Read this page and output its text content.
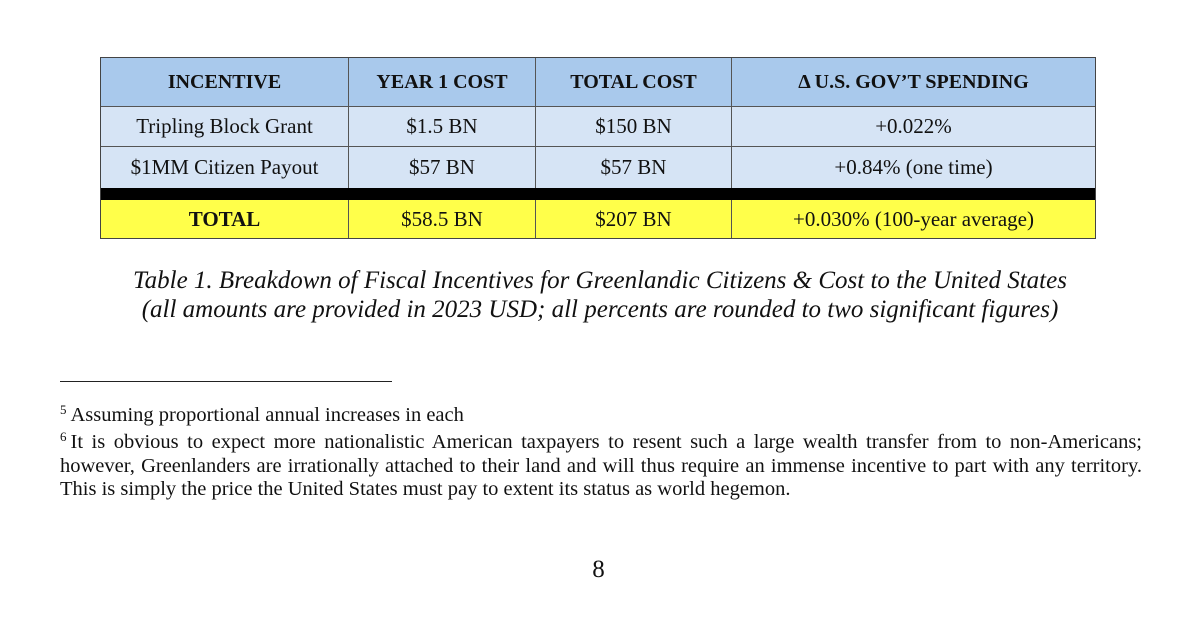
INCENTIVE	YEAR 1 COST	TOTAL COST	Δ U.S. GOV’T SPENDING
Tripling Block Grant	$1.5 BN	$150 BN	+0.022%
$1MM Citizen Payout	$57 BN	$57 BN	+0.84% (one time)
TOTAL	$58.5 BN	$207 BN	+0.030% (100-year average)
Table 1. Breakdown of Fiscal Incentives for Greenlandic Citizens & Cost to the United States
(all amounts are provided in 2023 USD; all percents are rounded to two significant figures)
$^5$ Assuming proportional annual increases in each
$^6$ It is obvious to expect more nationalistic American taxpayers to resent such a large wealth transfer from to non-Americans; however, Greenlanders are irrationally attached to their land and will thus require an immense incentive to part with any territory. This is simply the price the United States must pay to extent its status as world hegemon.
8
